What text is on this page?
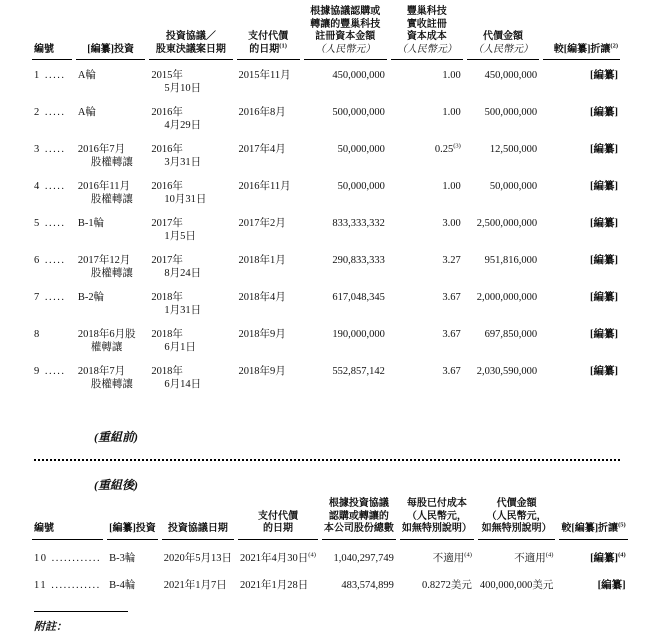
編號	[編纂]投資	投資協議／
股東決議案日期	支付代價
的日期$^{(1)}$	根據協議認購或
轉讓的豐巢科技
註冊資本金額
（人民幣元）	豐巢科技
實收註冊
資本成本
（人民幣元）	代價金額
（人民幣元）	較[編纂]折讓$^{(2)}$

1 .....	A輪	2015年
5月10日	2015年11月	450,000,000	1.00	450,000,000	[編纂]

2 .....	A輪	2016年
4月29日	2016年8月	500,000,000	1.00	500,000,000	[編纂]

3 .....	2016年7月
股權轉讓	2016年
3月31日	2017年4月	50,000,000	0.25$^{(3)}$	12,500,000	[編纂]

4 .....	2016年11月
股權轉讓	2016年
10月31日	2016年11月	50,000,000	1.00	50,000,000	[編纂]

5 .....	B-1輪	2017年
1月5日	2017年2月	833,333,332	3.00	2,500,000,000	[編纂]

6 .....	2017年12月
股權轉讓	2017年
8月24日	2018年1月	290,833,333	3.27	951,816,000	[編纂]

7 .....	B-2輪	2018年
1月31日	2018年4月	617,048,345	3.67	2,000,000,000	[編纂]

8	2018年6月股
權轉讓	2018年
6月1日	2018年9月	190,000,000	3.67	697,850,000	[編纂]

9 .....	2018年7月
股權轉讓	2018年
6月14日	2018年9月	552,857,142	3.67	2,030,590,000	[編纂]
(重組前)
(重組後)
編號	[編纂]投資	投資協議日期	支付代價
的日期	根據投資協議
認購或轉讓的
本公司股份總數	每股已付成本
（人民幣元，
如無特別說明）	代價金額
（人民幣元，
如無特別說明）	較[編纂]折讓$^{(5)}$

10 ............	B-3輪	2020年5月13日	2021年4月30日$^{(4)}$	1,040,297,749	不適用$^{(4)}$	不適用$^{(4)}$	[編纂]$^{(4)}$

11 ............	B-4輪	2021年1月7日	2021年1月28日	483,574,899	0.8272美元	400,000,000美元	[編纂]
附註：
